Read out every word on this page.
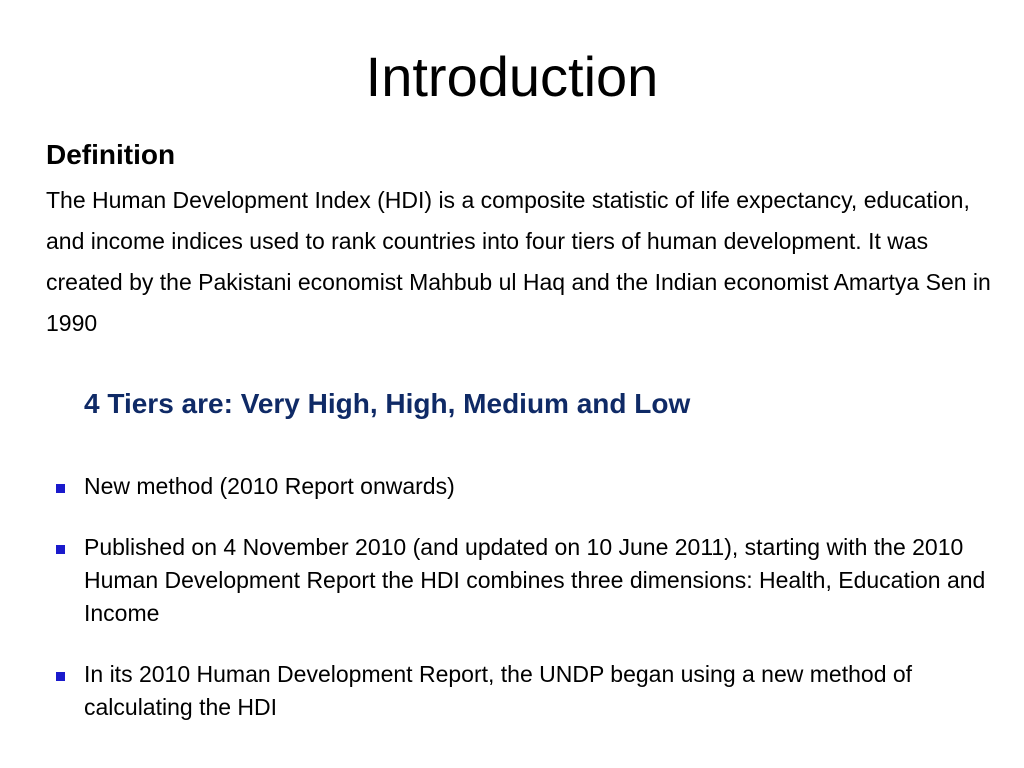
Introduction
Definition
The Human Development Index (HDI) is a composite statistic of life expectancy, education, and income indices used to rank countries into four tiers of human development. It was created by the Pakistani economist Mahbub ul Haq and the Indian economist Amartya Sen in 1990
4 Tiers are: Very High, High, Medium and Low
New method (2010 Report onwards)
Published on 4 November 2010 (and updated on 10 June 2011), starting with the 2010 Human Development Report the HDI combines three dimensions: Health, Education and Income
In its 2010 Human Development Report, the UNDP began using a new method of calculating the HDI
